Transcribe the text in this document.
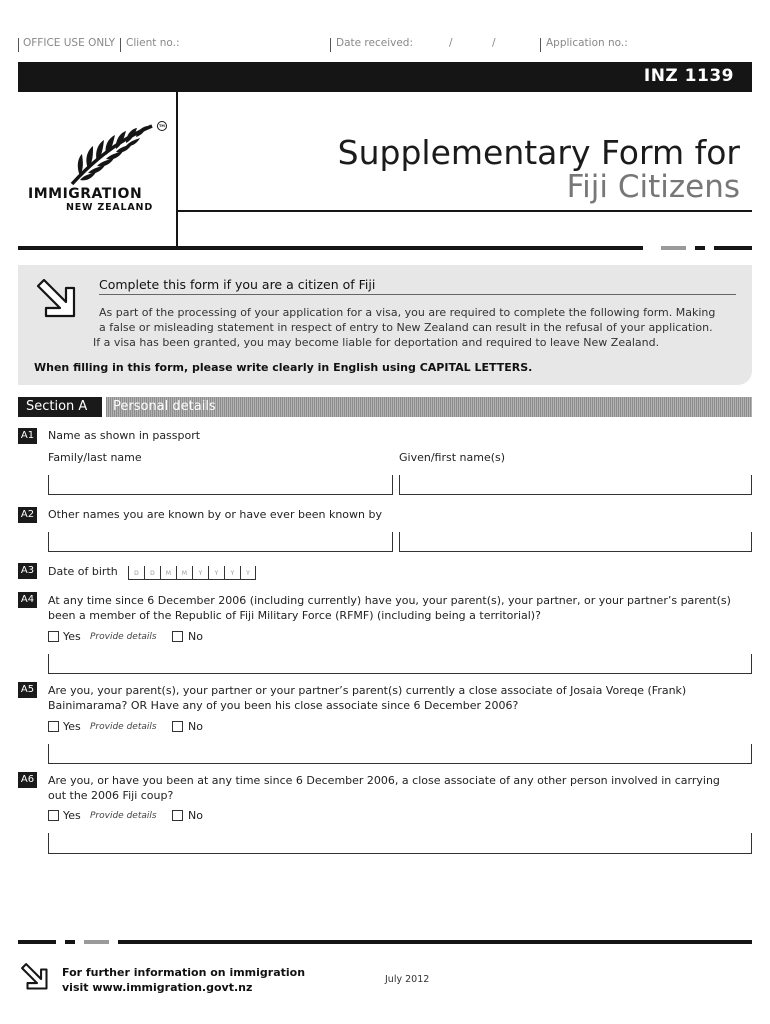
OFFICE USE ONLY Client no.:	Date received:	/	/	Application no.:
INZ 1139
TM
IMMIGRATION
NEW ZEALAND
Supplementary Form for
Fiji Citizens
Complete this form if you are a citizen of Fiji
As part of the processing of your application for a visa, you are required to complete the following form. Making
a false or misleading statement in respect of entry to New Zealand can result in the refusal of your application.
If a visa has been granted, you may become liable for deportation and required to leave New Zealand.
When filling in this form, please write clearly in English using CAPITAL LETTERS.
Section A	Personal details
A1 Name as shown in passport
Family/last name	Given/first name(s)
A2 Other names you are known by or have ever been known by
A3 Date of birth	D	D	M	M	Y	Y	Y	Y
A4 At any time since 6 December 2006 (including currently) have you, your parent(s), your partner, or your partner’s parent(s)
been a member of the Republic of Fiji Military Force (RFMF) (including being a territorial)?
Yes Provide details	No
A5 Are you, your parent(s), your partner or your partner’s parent(s) currently a close associate of Josaia Voreqe (Frank)
Bainimarama? OR Have any of you been his close associate since 6 December 2006?
Yes Provide details	No
A6 Are you, or have you been at any time since 6 December 2006, a close associate of any other person involved in carrying
out the 2006 Fiji coup?
Yes Provide details	No
For further information on immigration
visit www.immigration.govt.nz
July 2012
